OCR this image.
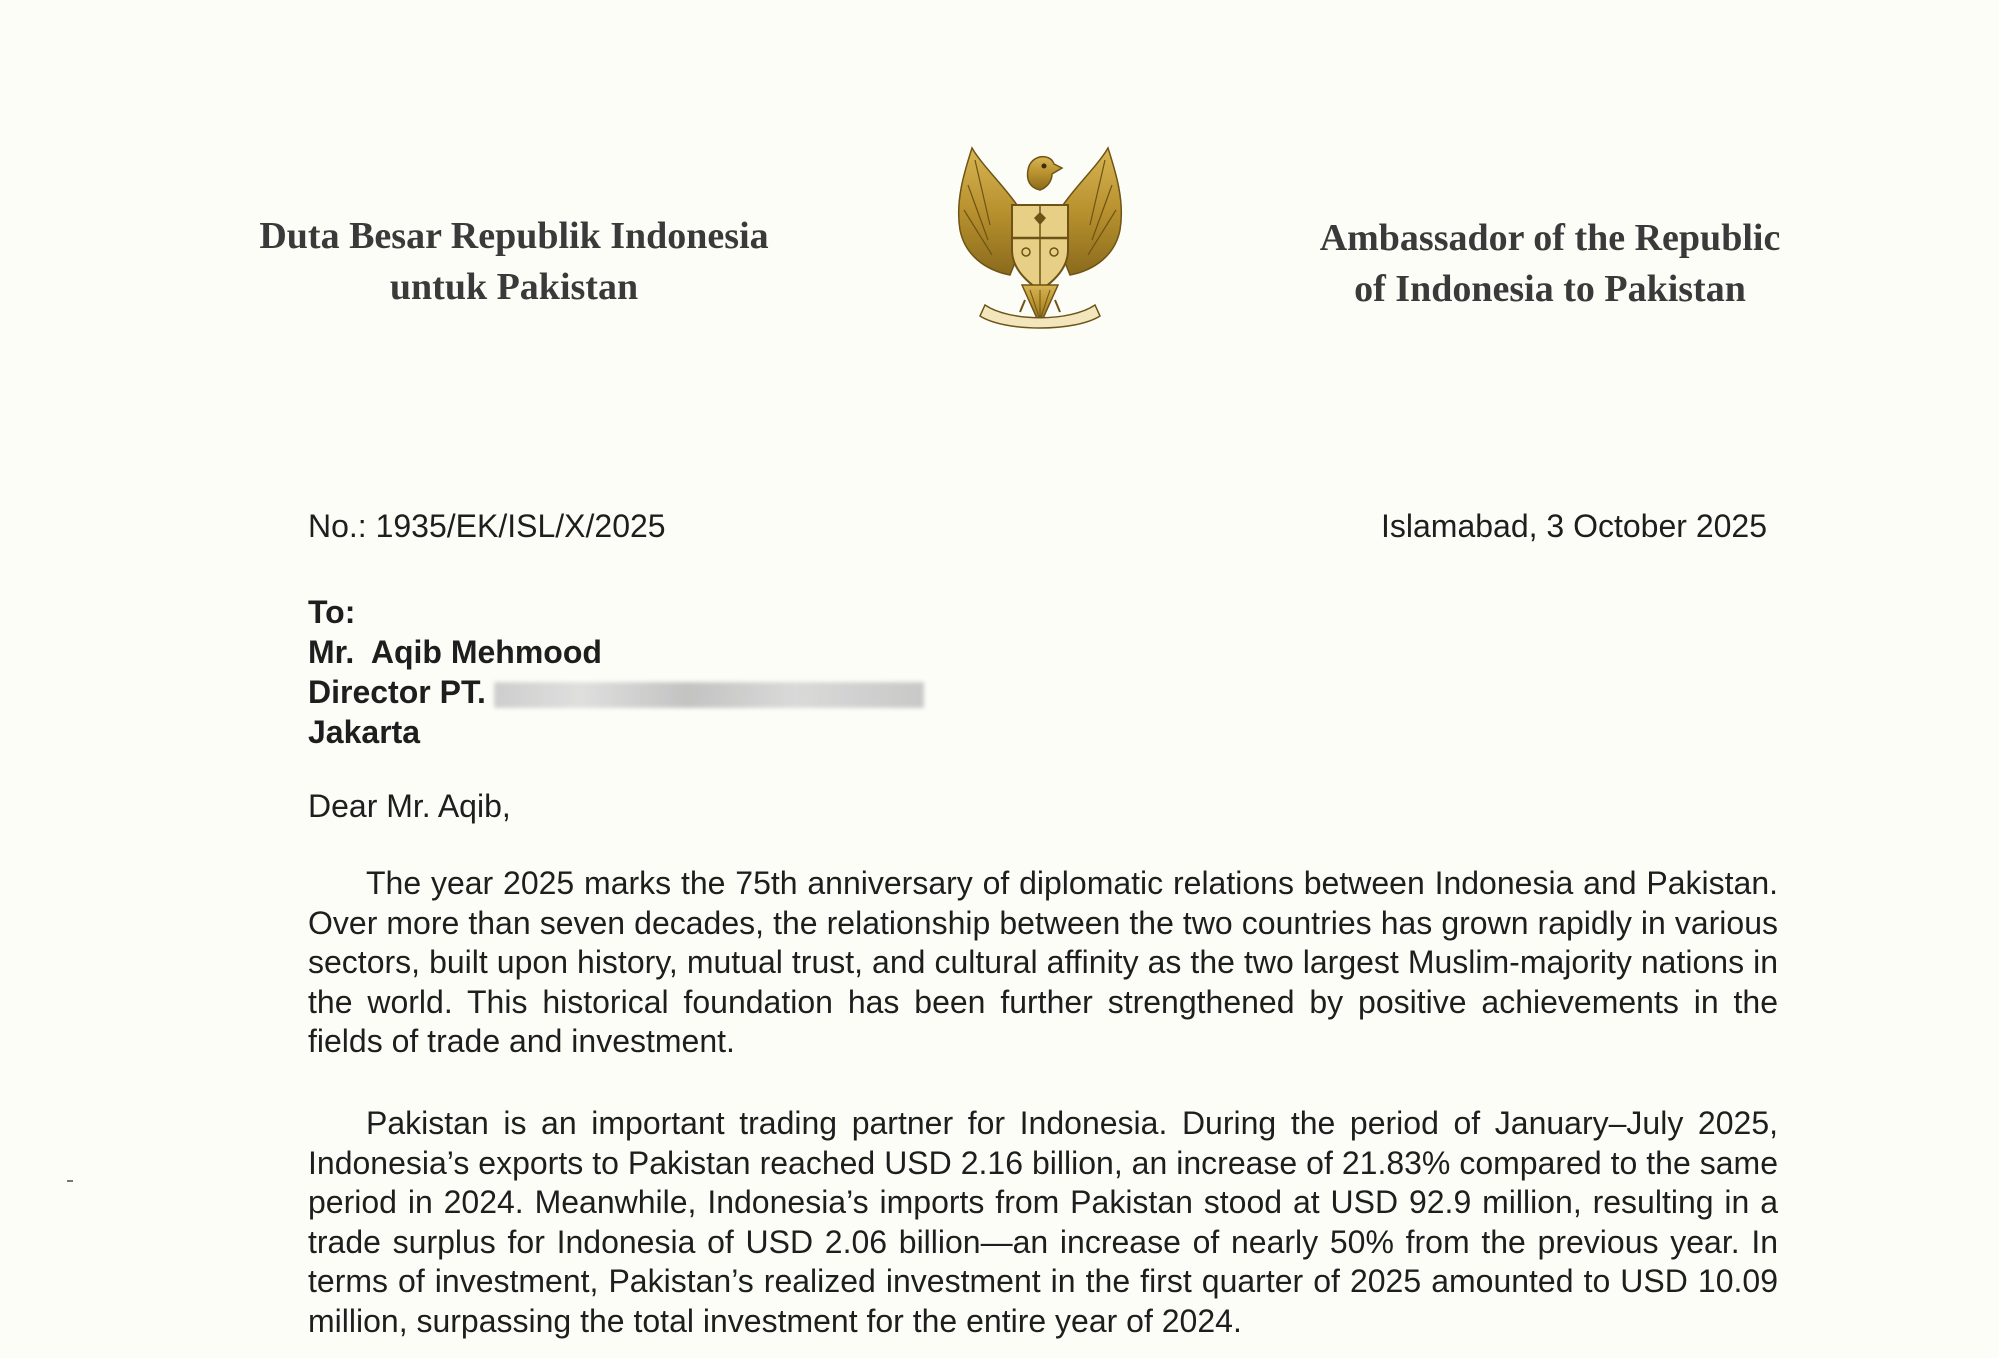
Duta Besar Republik Indonesia
untuk Pakistan
Ambassador of the Republic
of Indonesia to Pakistan
No.: 1935/EK/ISL/X/2025	Islamabad, 3 October 2025
To:
Mr.  Aqib Mehmood
Director PT.
Jakarta
Dear Mr. Aqib,

The year 2025 marks the 75th anniversary of diplomatic relations between Indonesia and Pakistan. Over more than seven decades, the relationship between the two countries has grown rapidly in various sectors, built upon history, mutual trust, and cultural affinity as the two largest Muslim-majority nations in the world. This historical foundation has been further strengthened by positive achievements in the fields of trade and investment.

Pakistan is an important trading partner for Indonesia. During the period of January–July 2025, Indonesia’s exports to Pakistan reached USD 2.16 billion, an increase of 21.83% compared to the same period in 2024. Meanwhile, Indonesia’s imports from Pakistan stood at USD 92.9 million, resulting in a trade surplus for Indonesia of USD 2.06 billion—an increase of nearly 50% from the previous year. In terms of investment, Pakistan’s realized investment in the first quarter of 2025 amounted to USD 10.09 million, surpassing the total investment for the entire year of 2024.
